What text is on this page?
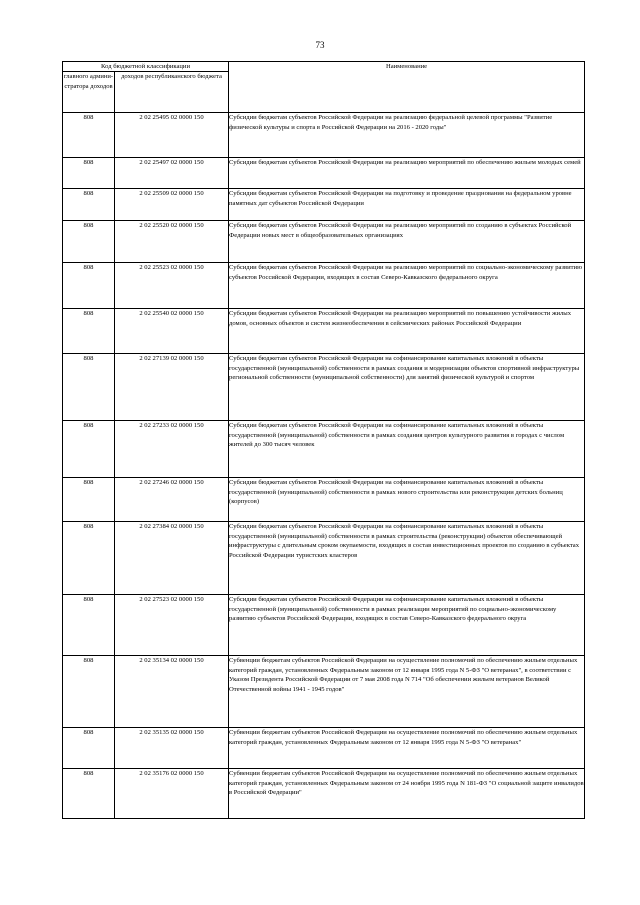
73
Код бюджетной классификации		Наименование
главного админи-стратора доходов	доходов республиканского бюджета	
808	2 02 25495 02 0000 150	Субсидии бюджетам субъектов Российской Федерации на реализацию федеральной целевой программы "Развитие физической культуры и спорта в Российской Федерации на 2016 - 2020 годы"
808	2 02 25497 02 0000 150	Субсидии бюджетам субъектов Российской Федерации на реализацию мероприятий по обеспечению жильем молодых семей
808	2 02 25509 02 0000 150	Субсидии бюджетам субъектов Российской Федерации на подготовку и проведение празднования на федеральном уровне памятных дат субъектов Российской Федерации
808	2 02 25520 02 0000 150	Субсидии бюджетам субъектов Российской Федерации на реализацию мероприятий по созданию в субъектах Российской Федерации новых мест в общеобразовательных организациях
808	2 02 25523 02 0000 150	Субсидии бюджетам субъектов Российской Федерации на реализацию мероприятий по социально-экономическому развитию субъектов Российской Федерации, входящих в состав Северо-Кавказского федерального округа
808	2 02 25540 02 0000 150	Субсидии бюджетам субъектов Российской Федерации на реализацию мероприятий по повышению устойчивости жилых домов, основных объектов и систем жизнеобеспечения в сейсмических районах Российской Федерации
808	2 02 27139 02 0000 150	Субсидии бюджетам субъектов Российской Федерации на софинансирование капитальных вложений в объекты государственной (муниципальной) собственности в рамках создания и модернизации объектов спортивной инфраструктуры региональной собственности (муниципальной собственности) для занятий физической культурой и спортом
808	2 02 27233 02 0000 150	Субсидии бюджетам субъектов Российской Федерации на софинансирование капитальных вложений в объекты государственной (муниципальной) собственности в рамках создания центров культурного развития в городах с числом жителей до 300 тысяч человек
808	2 02 27246 02 0000 150	Субсидии бюджетам субъектов Российской Федерации на софинансирование капитальных вложений в объекты государственной (муниципальной) собственности в рамках нового строительства или реконструкции детских больниц (корпусов)
808	2 02 27384 02 0000 150	Субсидии бюджетам субъектов Российской Федерации на софинансирование капитальных вложений в объекты государственной (муниципальной) собственности в рамках строительства (реконструкции) объектов обеспечивающей инфраструктуры с длительным сроком окупаемости, входящих в состав инвестиционных проектов по созданию в субъектах Российской Федерации туристских кластеров
808	2 02 27523 02 0000 150	Субсидии бюджетам субъектов Российской Федерации на софинансирование капитальных вложений в объекты государственной (муниципальной) собственности в рамках реализации мероприятий по социально-экономическому развитию субъектов Российской Федерации, входящих в состав Северо-Кавказского федерального округа
808	2 02 35134 02 0000 150	Субвенции бюджетам субъектов Российской Федерации на осуществление полномочий по обеспечению жильем отдельных категорий граждан, установленных Федеральным законом от 12 января 1995 года N 5-ФЗ "О ветеранах", в соответствии с Указом Президента Российской Федерации от 7 мая 2008 года N 714 "Об обеспечении жильем ветеранов Великой Отечественной войны 1941 - 1945 годов"
808	2 02 35135 02 0000 150	Субвенции бюджетам субъектов Российской Федерации на осуществление полномочий по обеспечению жильем отдельных категорий граждан, установленных Федеральным законом от 12 января 1995 года N 5-ФЗ "О ветеранах"
808	2 02 35176 02 0000 150	Субвенции бюджетам субъектов Российской Федерации на осуществление полномочий по обеспечению жильем отдельных категорий граждан, установленных Федеральным законом от 24 ноября 1995 года N 181-ФЗ "О социальной защите инвалидов в Российской Федерации"
